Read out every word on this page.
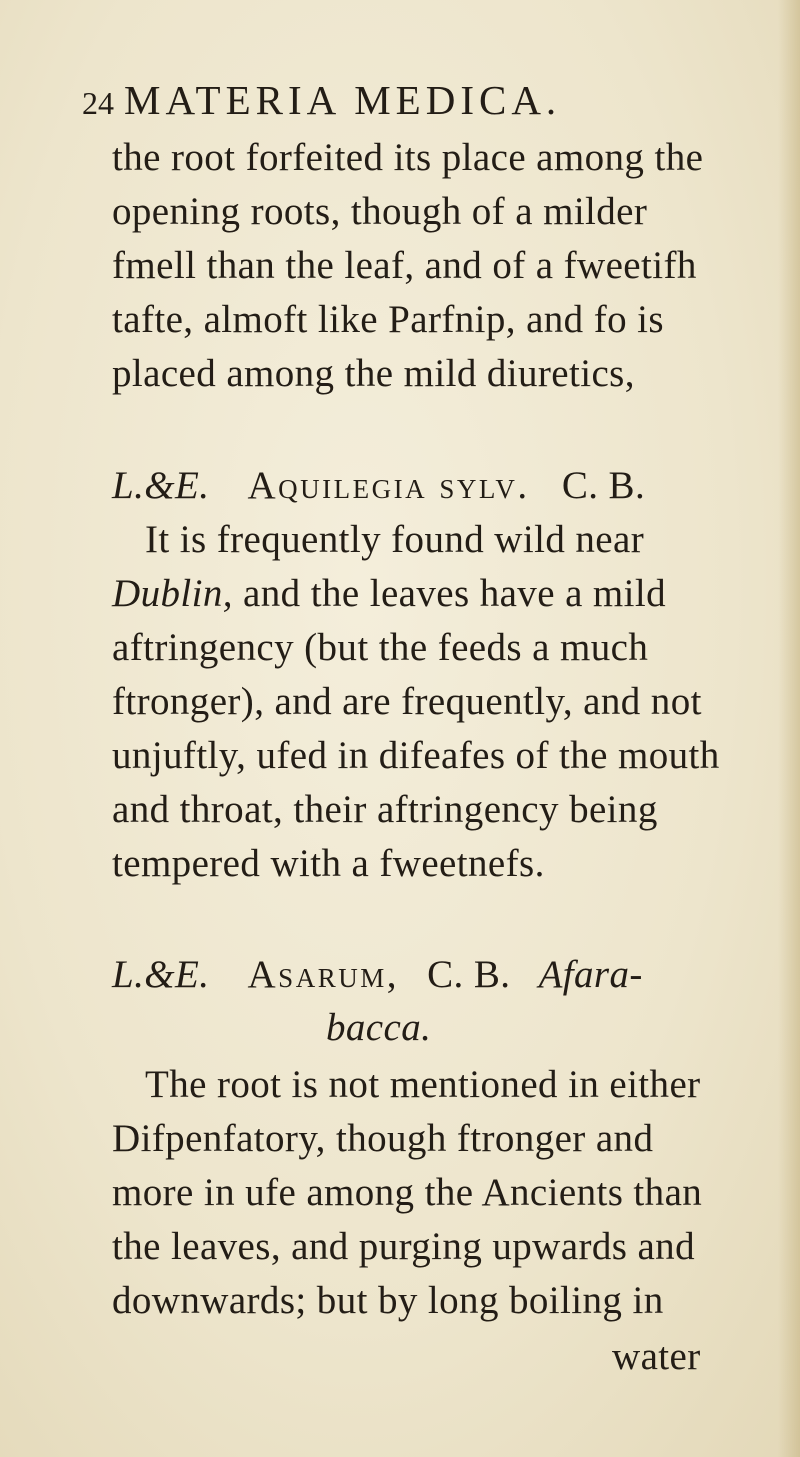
24 MATERIA MEDICA.
the root forfeited its place among the
opening roots, though of a milder
fmell than the leaf, and of a fweetifh
tafte, almoft like Parfnip, and fo is
placed among the mild diuretics,
L.&E. Aquilegia sylv. C. B.
It is frequently found wild near
Dublin, and the leaves have a mild
aftringency (but the feeds a much
ftronger), and are frequently, and not
unjuftly, ufed in difeafes of the mouth
and throat, their aftringency being
tempered with a fweetnefs.
L.&E. Asarum, C. B. Afara-
bacca.
The root is not mentioned in either
Difpenfatory, though ftronger and
more in ufe among the Ancients than
the leaves, and purging upwards and
downwards; but by long boiling in
water
